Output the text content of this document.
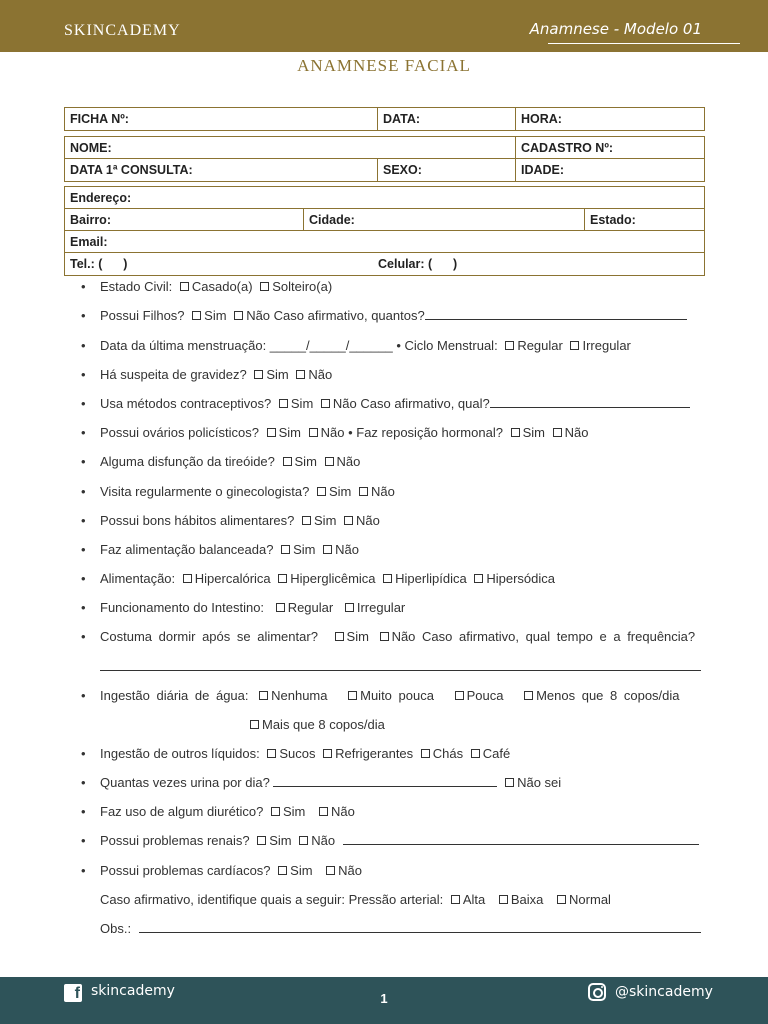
SKINCADEMY	Anamnese - Modelo 01
ANAMNESE FACIAL
FICHA Nº:	DATA:	HORA:
NOME:	CADASTRO Nº:
DATA 1ª CONSULTA:	SEXO:	IDADE:
Endereço:
Bairro:	Cidade:	Estado:
Email:
Tel.: (      )	Celular: (      )
• Estado Civil: Casado(a) Solteiro(a)
• Possui Filhos? Sim Não Caso afirmativo, quantos?
• Data da última menstruação: _____/_____/______ • Ciclo Menstrual: Regular Irregular
• Há suspeita de gravidez? Sim Não
• Usa métodos contraceptivos? Sim Não Caso afirmativo, qual?
• Possui ovários policísticos? Sim Não • Faz reposição hormonal? Sim Não
• Alguma disfunção da tireóide? Sim Não
• Visita regularmente o ginecologista? Sim Não
• Possui bons hábitos alimentares? Sim Não
• Faz alimentação balanceada? Sim Não
• Alimentação: Hipercalórica Hiperglicêmica Hiperlipídica Hipersódica
• Funcionamento do Intestino: Regular Irregular
• Costuma dormir após se alimentar? Sim Não Caso afirmativo, qual tempo e a frequência?
• Ingestão diária de água: Nenhuma	Muito pouca	Pouca	Menos que 8 copos/dia
Mais que 8 copos/dia
• Ingestão de outros líquidos: Sucos Refrigerantes Chás Café
• Quantas vezes urina por dia?	Não sei
• Faz uso de algum diurético? Sim Não
• Possui problemas renais? Sim Não
• Possui problemas cardíacos? Sim Não
Caso afirmativo, identifique quais a seguir: Pressão arterial: Alta Baixa Normal
Obs.:
f skincademy	1	@skincademy
